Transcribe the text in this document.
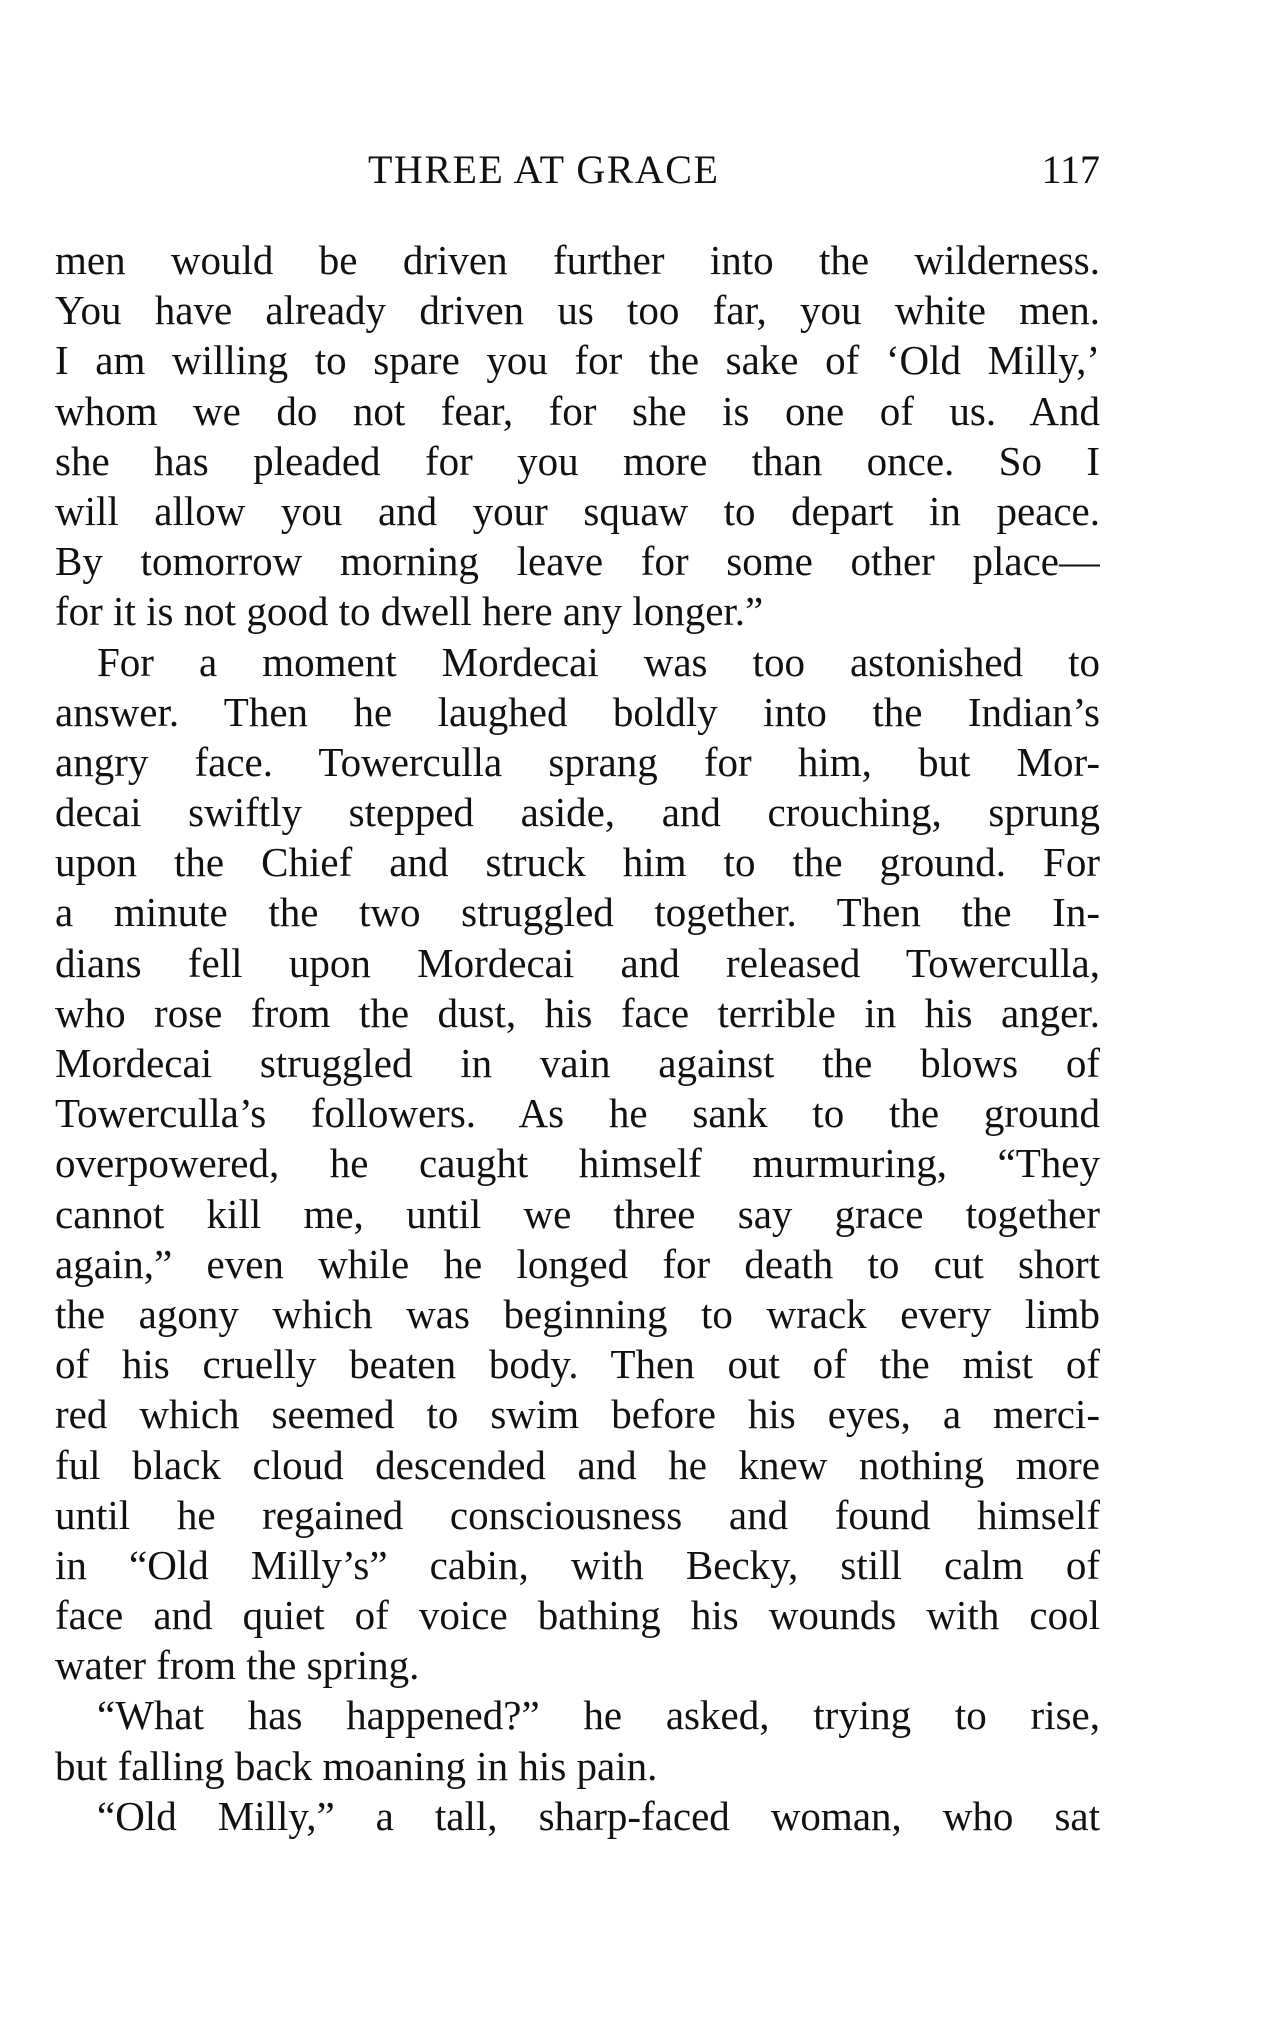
THREE AT GRACE	117
men would be driven further into the wilderness.
You have already driven us too far, you white men.
I am willing to spare you for the sake of ‘Old Milly,’
whom we do not fear, for she is one of us. And
she has pleaded for you more than once. So I
will allow you and your squaw to depart in peace.
By tomorrow morning leave for some other place—
for it is not good to dwell here any longer.”
For a moment Mordecai was too astonished to
answer. Then he laughed boldly into the Indian’s
angry face. Towerculla sprang for him, but Mor-
decai swiftly stepped aside, and crouching, sprung
upon the Chief and struck him to the ground. For
a minute the two struggled together. Then the In-
dians fell upon Mordecai and released Towerculla,
who rose from the dust, his face terrible in his anger.
Mordecai struggled in vain against the blows of
Towerculla’s followers. As he sank to the ground
overpowered, he caught himself murmuring, “They
cannot kill me, until we three say grace together
again,” even while he longed for death to cut short
the agony which was beginning to wrack every limb
of his cruelly beaten body. Then out of the mist of
red which seemed to swim before his eyes, a merci-
ful black cloud descended and he knew nothing more
until he regained consciousness and found himself
in “Old Milly’s” cabin, with Becky, still calm of
face and quiet of voice bathing his wounds with cool
water from the spring.
“What has happened?” he asked, trying to rise,
but falling back moaning in his pain.
“Old Milly,” a tall, sharp-faced woman, who sat
